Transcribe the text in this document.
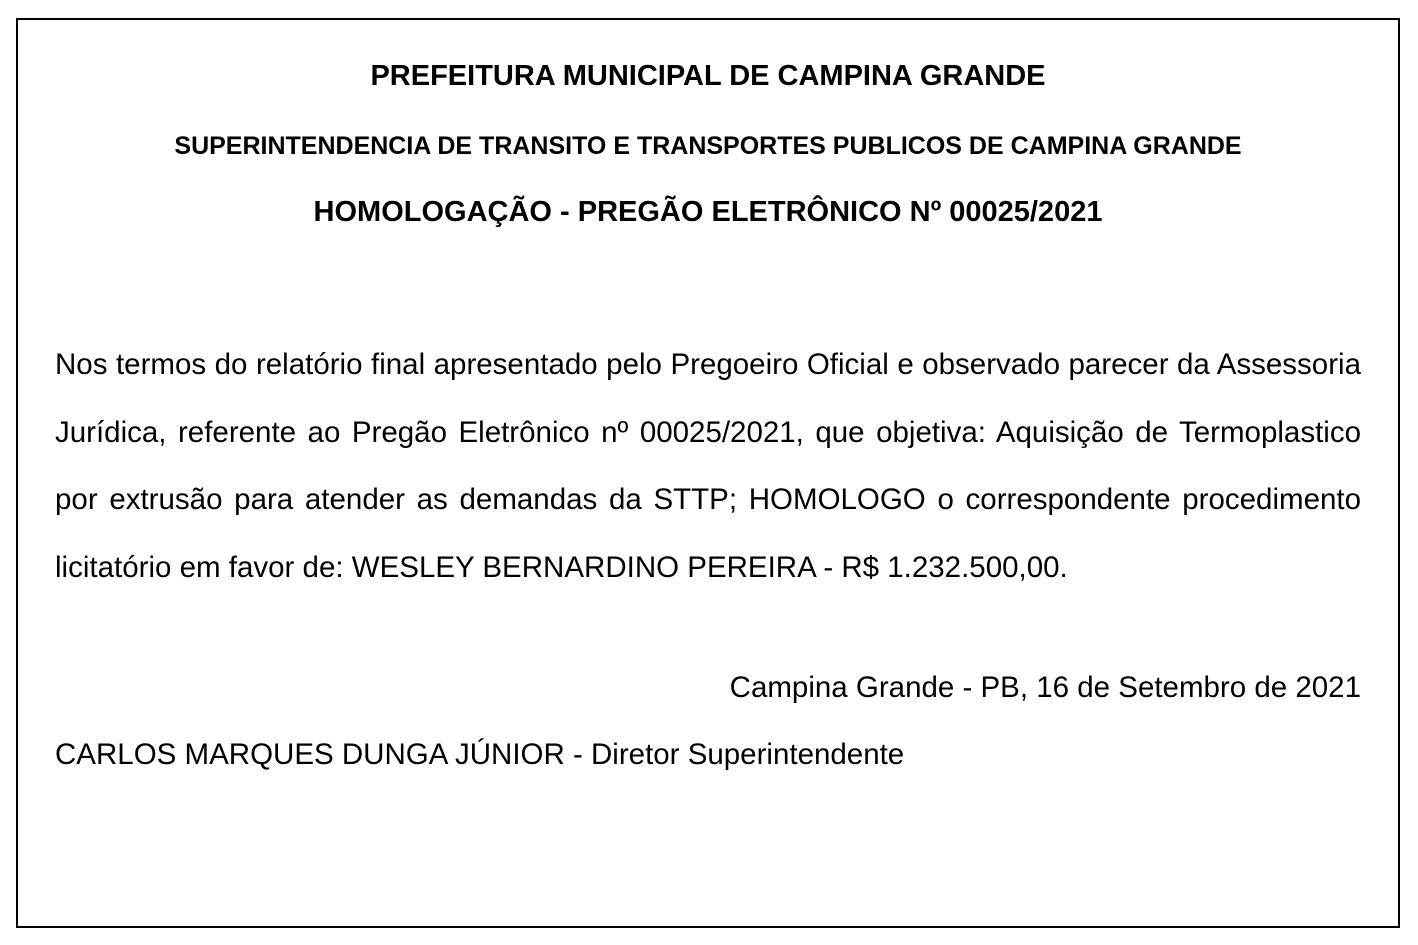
PREFEITURA MUNICIPAL DE CAMPINA GRANDE
SUPERINTENDENCIA DE TRANSITO E TRANSPORTES PUBLICOS DE CAMPINA GRANDE
HOMOLOGAÇÃO - PREGÃO ELETRÔNICO Nº 00025/2021

Nos termos do relatório final apresentado pelo Pregoeiro Oficial e observado parecer da Assessoria Jurídica, referente ao Pregão Eletrônico nº 00025/2021, que objetiva: Aquisição de Termoplastico por extrusão para atender as demandas da STTP; HOMOLOGO o correspondente procedimento licitatório em favor de: WESLEY BERNARDINO PEREIRA - R$ 1.232.500,00.

Campina Grande - PB, 16 de Setembro de 2021

CARLOS MARQUES DUNGA JÚNIOR - Diretor Superintendente
